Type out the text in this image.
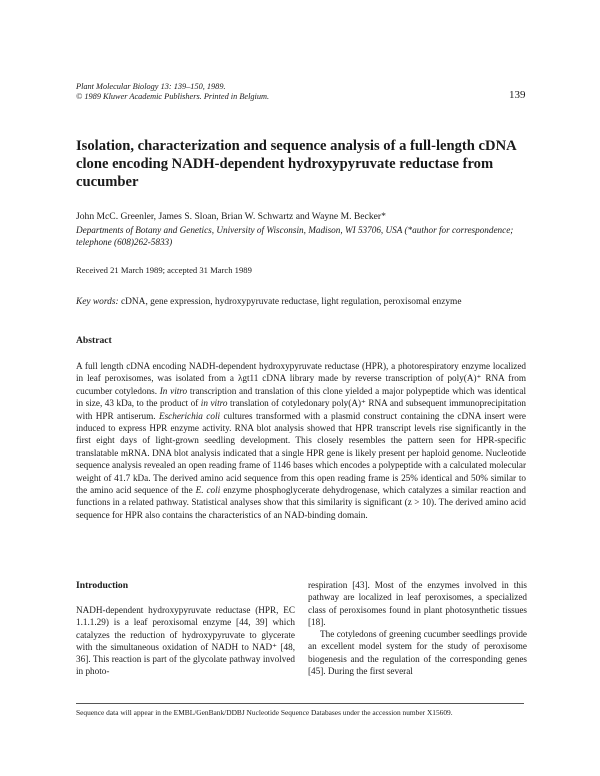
Plant Molecular Biology 13: 139–150, 1989.
© 1989 Kluwer Academic Publishers. Printed in Belgium.	139
Isolation, characterization and sequence analysis of a full-length cDNA clone encoding NADH-dependent hydroxypyruvate reductase from cucumber
John McC. Greenler, James S. Sloan, Brian W. Schwartz and Wayne M. Becker*
Departments of Botany and Genetics, University of Wisconsin, Madison, WI 53706, USA (*author for correspondence; telephone (608)262-5833)
Received 21 March 1989; accepted 31 March 1989
Key words: cDNA, gene expression, hydroxypyruvate reductase, light regulation, peroxisomal enzyme
Abstract

A full length cDNA encoding NADH-dependent hydroxypyruvate reductase (HPR), a photorespiratory enzyme localized in leaf peroxisomes, was isolated from a λgt11 cDNA library made by reverse transcription of poly(A)⁺ RNA from cucumber cotyledons. In vitro transcription and translation of this clone yielded a major polypeptide which was identical in size, 43 kDa, to the product of in vitro translation of cotyledonary poly(A)⁺ RNA and subsequent immunoprecipitation with HPR antiserum. Escherichia coli cultures transformed with a plasmid construct containing the cDNA insert were induced to express HPR enzyme activity. RNA blot analysis showed that HPR transcript levels rise significantly in the first eight days of light-grown seedling development. This closely resembles the pattern seen for HPR-specific translatable mRNA. DNA blot analysis indicated that a single HPR gene is likely present per haploid genome. Nucleotide sequence analysis revealed an open reading frame of 1146 bases which encodes a polypeptide with a calculated molecular weight of 41.7 kDa. The derived amino acid sequence from this open reading frame is 25% identical and 50% similar to the amino acid sequence of the E. coli enzyme phosphoglycerate dehydrogenase, which catalyzes a similar reaction and functions in a related pathway. Statistical analyses show that this similarity is significant (z > 10). The derived amino acid sequence for HPR also contains the characteristics of an NAD-binding domain.

Introduction

NADH-dependent hydroxypyruvate reductase (HPR, EC 1.1.1.29) is a leaf peroxisomal enzyme [44, 39] which catalyzes the reduction of hydroxypyruvate to glycerate with the simultaneous oxidation of NADH to NAD⁺ [48, 36]. This reaction is part of the glycolate pathway involved in photo-

respiration [43]. Most of the enzymes involved in this pathway are localized in leaf peroxisomes, a specialized class of peroxisomes found in plant photosynthetic tissues [18].
The cotyledons of greening cucumber seedlings provide an excellent model system for the study of peroxisome biogenesis and the regulation of the corresponding genes [45]. During the first several
Sequence data will appear in the EMBL/GenBank/DDBJ Nucleotide Sequence Databases under the accession number X15609.
